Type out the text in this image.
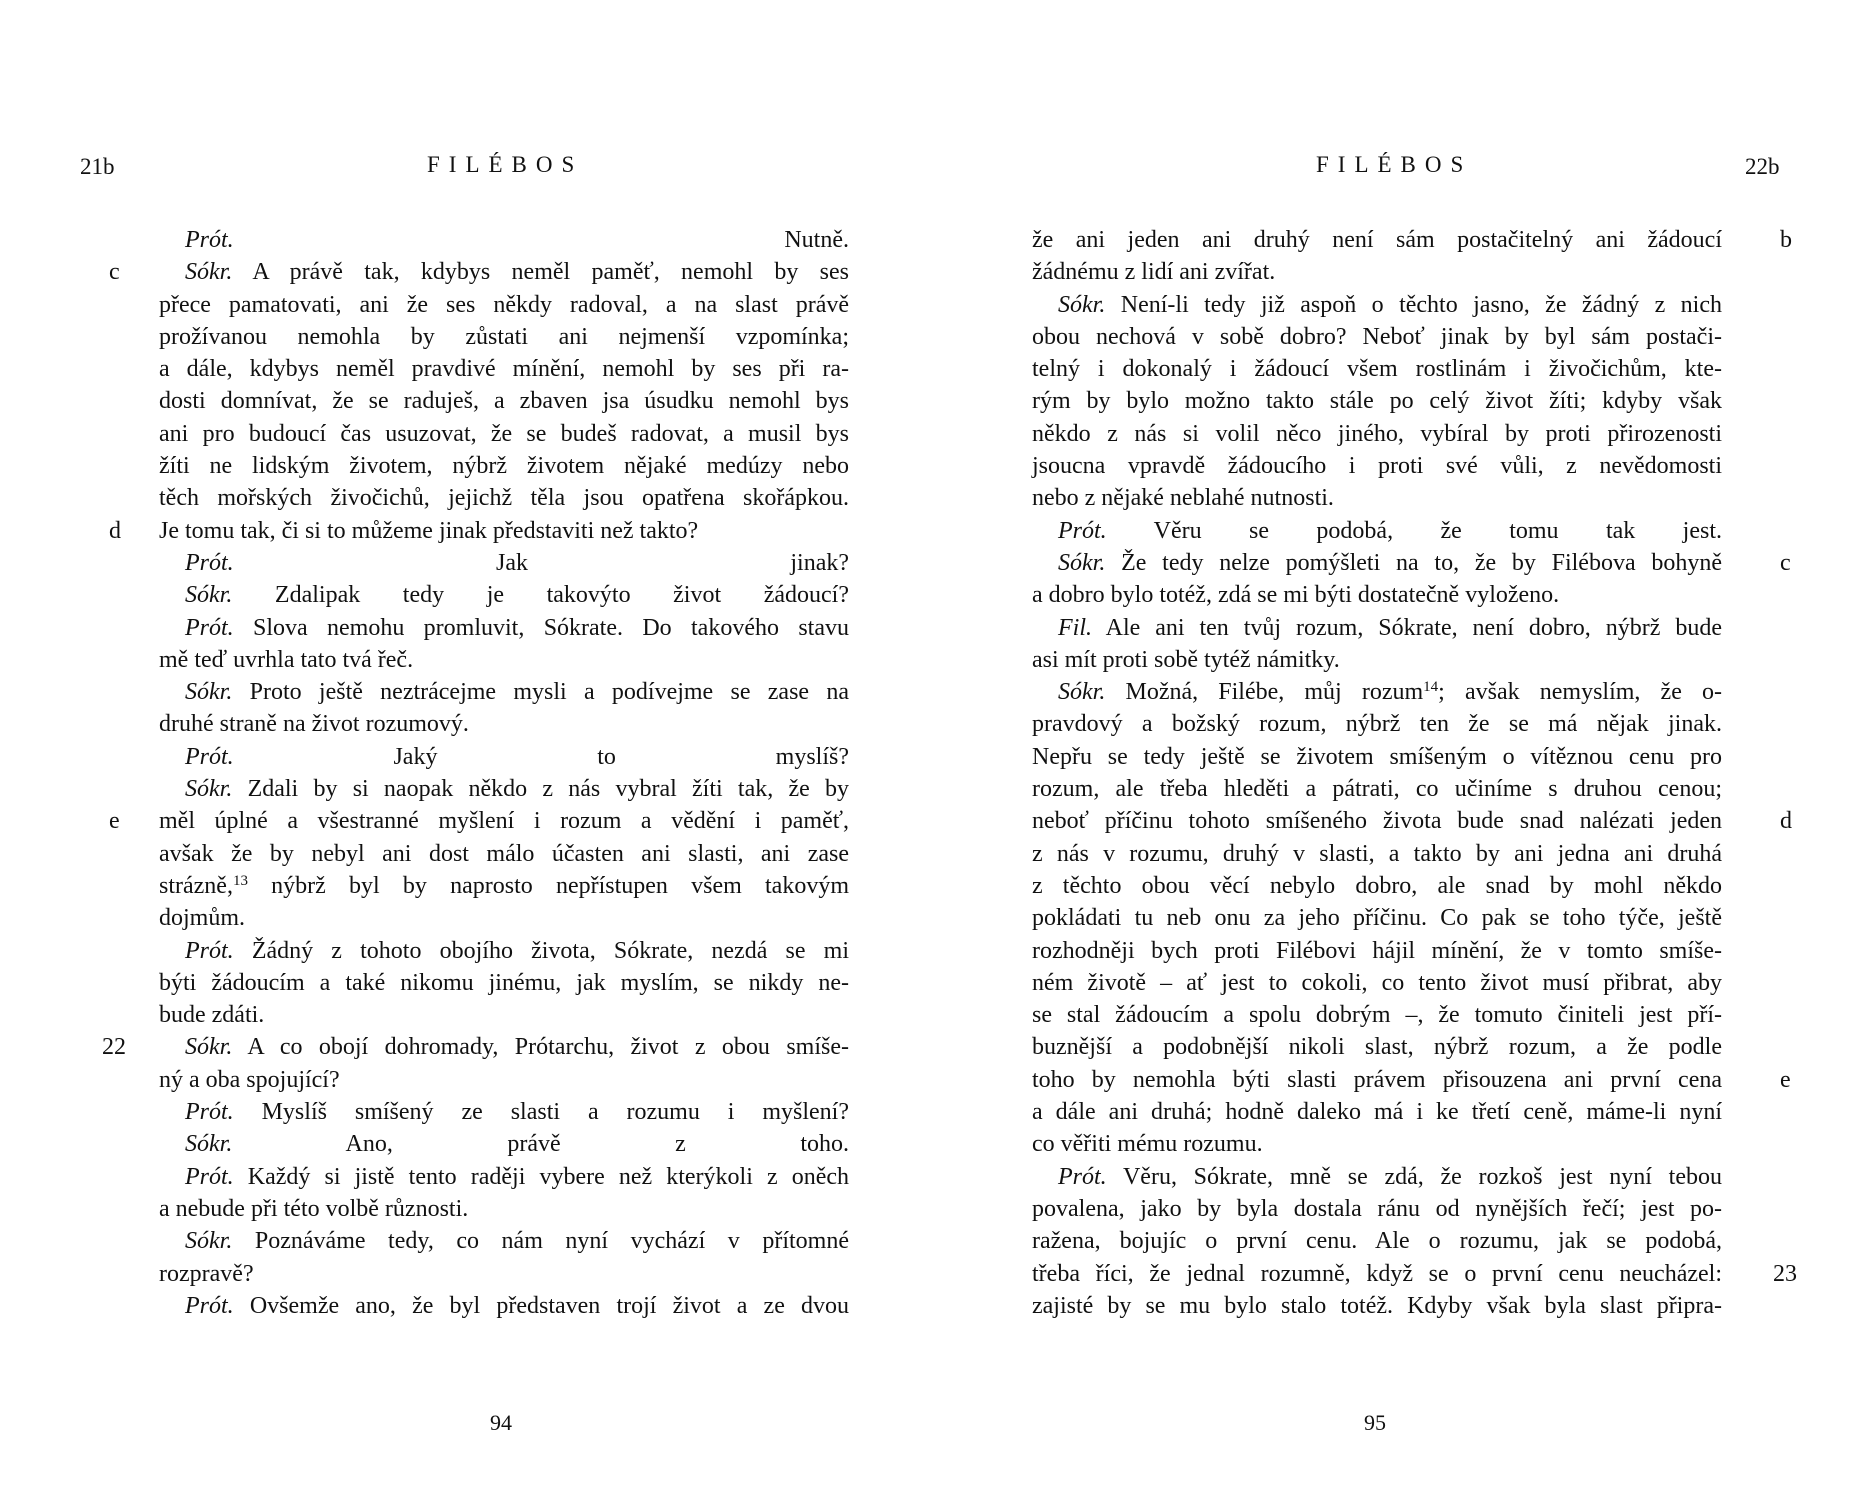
21b	FILÉBOS
Prót. Nutně.
c	Sókr. A právě tak, kdybys neměl paměť, nemohl by ses
přece pamatovati, ani že ses někdy radoval, a na slast právě
prožívanou nemohla by zůstati ani nejmenší vzpomínka;
a dále, kdybys neměl pravdivé mínění, nemohl by ses při ra-
dosti domnívat, že se raduješ, a zbaven jsa úsudku nemohl bys
ani pro budoucí čas usuzovat, že se budeš radovat, a musil bys
žíti ne lidským životem, nýbrž životem nějaké medúzy nebo
těch mořských živočichů, jejichž těla jsou opatřena skořápkou.
d Je tomu tak, či si to můžeme jinak představiti než takto?
Prót. Jak jinak?
Sókr. Zdalipak tedy je takovýto život žádoucí?
Prót. Slova nemohu promluvit, Sókrate. Do takového stavu
mě teď uvrhla tato tvá řeč.
Sókr. Proto ještě neztrácejme mysli a podívejme se zase na
druhé straně na život rozumový.
Prót. Jaký to myslíš?
Sókr. Zdali by si naopak někdo z nás vybral žíti tak, že by
e měl úplné a všestranné myšlení i rozum a vědění i paměť,
avšak že by nebyl ani dost málo účasten ani slasti, ani zase
strázně,$^{13}$ nýbrž byl by naprosto nepřístupen všem takovým
dojmům.
Prót. Žádný z tohoto obojího života, Sókrate, nezdá se mi
býti žádoucím a také nikomu jinému, jak myslím, se nikdy ne-
bude zdáti.
22 Sókr. A co obojí dohromady, Prótarchu, život z obou smíše-
ný a oba spojující?
Prót. Myslíš smíšený ze slasti a rozumu i myšlení?
Sókr. Ano, právě z toho.
Prót. Každý si jistě tento raději vybere než kterýkoli z oněch
a nebude při této volbě různosti.
Sókr. Poznáváme tedy, co nám nyní vychází v přítomné
rozpravě?
Prót. Ovšemže ano, že byl představen trojí život a ze dvou
94
FILÉBOS	22b
b
že ani jeden ani druhý není sám postačitelný ani žádoucí
žádnému z lidí ani zvířat.
Sókr. Není-li tedy již aspoň o těchto jasno, že žádný z nich
obou nechová v sobě dobro? Neboť jinak by byl sám postači-
telný i dokonalý i žádoucí všem rostlinám i živočichům, kte-
rým by bylo možno takto stále po celý život žíti; kdyby však
někdo z nás si volil něco jiného, vybíral by proti přirozenosti
jsoucna vpravdě žádoucího i proti své vůli, z nevědomosti
nebo z nějaké neblahé nutnosti.
Prót. Věru se podobá, že tomu tak jest.
c
Sókr. Že tedy nelze pomýšleti na to, že by Filébova bohyně
a dobro bylo totéž, zdá se mi býti dostatečně vyloženo.
Fil. Ale ani ten tvůj rozum, Sókrate, není dobro, nýbrž bude
asi mít proti sobě tytéž námitky.
Sókr. Možná, Filébe, můj rozum$^{14}$; avšak nemyslím, že o-
pravdový a božský rozum, nýbrž ten že se má nějak jinak.
Nepřu se tedy ještě se životem smíšeným o vítěznou cenu pro
rozum, ale třeba hleděti a pátrati, co učiníme s druhou cenou;
d
neboť příčinu tohoto smíšeného života bude snad nalézati jeden
z nás v rozumu, druhý v slasti, a takto by ani jedna ani druhá
z těchto obou věcí nebylo dobro, ale snad by mohl někdo
pokládati tu neb onu za jeho příčinu. Co pak se toho týče, ještě
rozhodněji bych proti Filébovi hájil mínění, že v tomto smíše-
ném životě – ať jest to cokoli, co tento život musí přibrat, aby
se stal žádoucím a spolu dobrým –, že tomuto činiteli jest pří-
buznější a podobnější nikoli slast, nýbrž rozum, a že podle
e
toho by nemohla býti slasti právem přisouzena ani první cena
a dále ani druhá; hodně daleko má i ke třetí ceně, máme-li nyní
co věřiti mému rozumu.
Prót. Věru, Sókrate, mně se zdá, že rozkoš jest nyní tebou
povalena, jako by byla dostala ránu od nynějších řečí; jest po-
ražena, bojujíc o první cenu. Ale o rozumu, jak se podobá,
23
třeba říci, že jednal rozumně, když se o první cenu neucházel:
zajisté by se mu bylo stalo totéž. Kdyby však byla slast připra-
95
